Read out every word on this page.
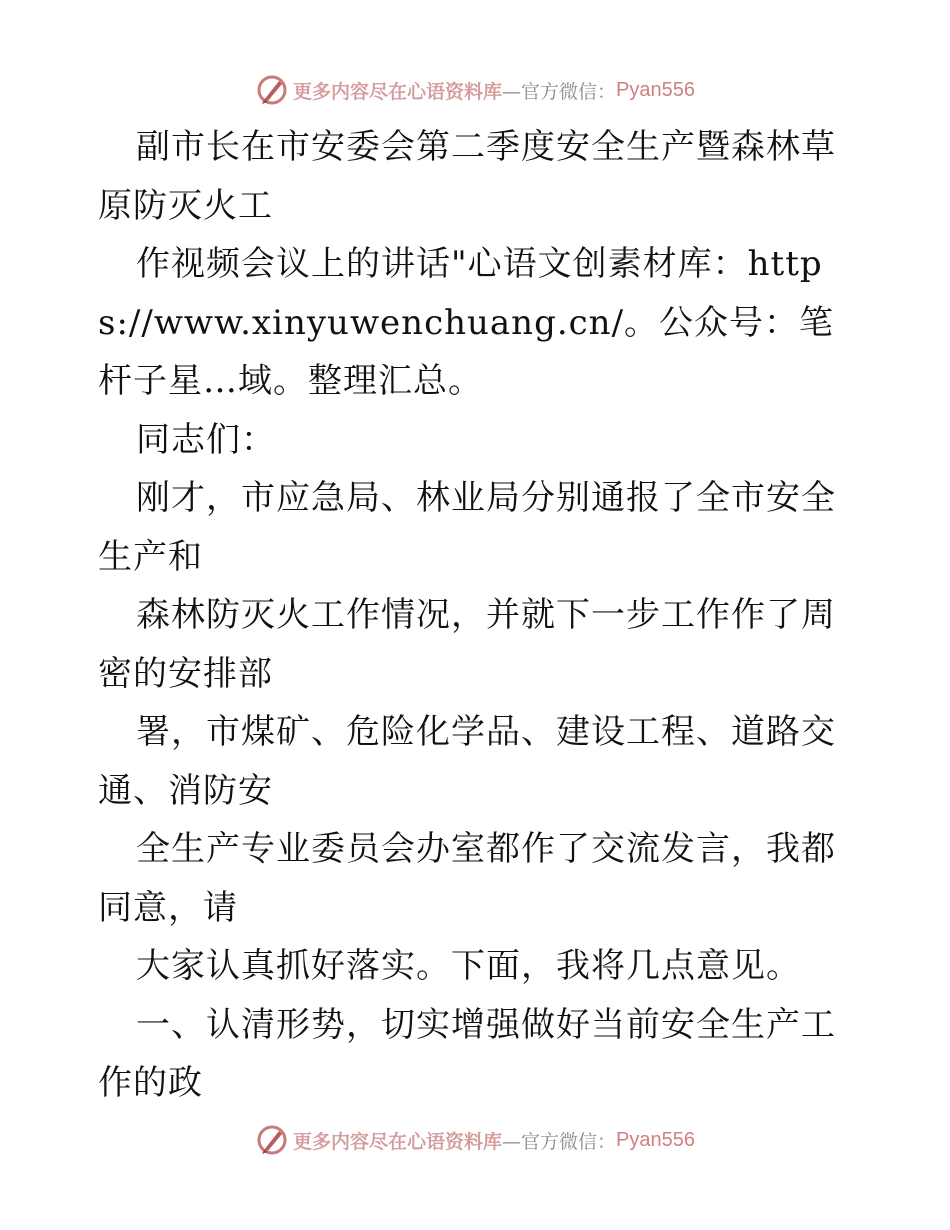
更多内容尽在心语资料库 —官方微信： Pyan556

副市长在市安委会第二季度安全生产暨森林草原防灭火工

作视频会议上的讲话"心语文创素材库：https://www.xinyuwenchuang.cn/。公众号：笔杆子星…域。整理汇总。

同志们：

刚才，市应急局、林业局分别通报了全市安全生产和

森林防灭火工作情况，并就下一步工作作了周密的安排部

署，市煤矿、危险化学品、建设工程、道路交通、消防安

全生产专业委员会办室都作了交流发言，我都同意，请

大家认真抓好落实。下面，我将几点意见。

一、认清形势，切实增强做好当前安全生产工作的政

更多内容尽在心语资料库 —官方微信： Pyan556
